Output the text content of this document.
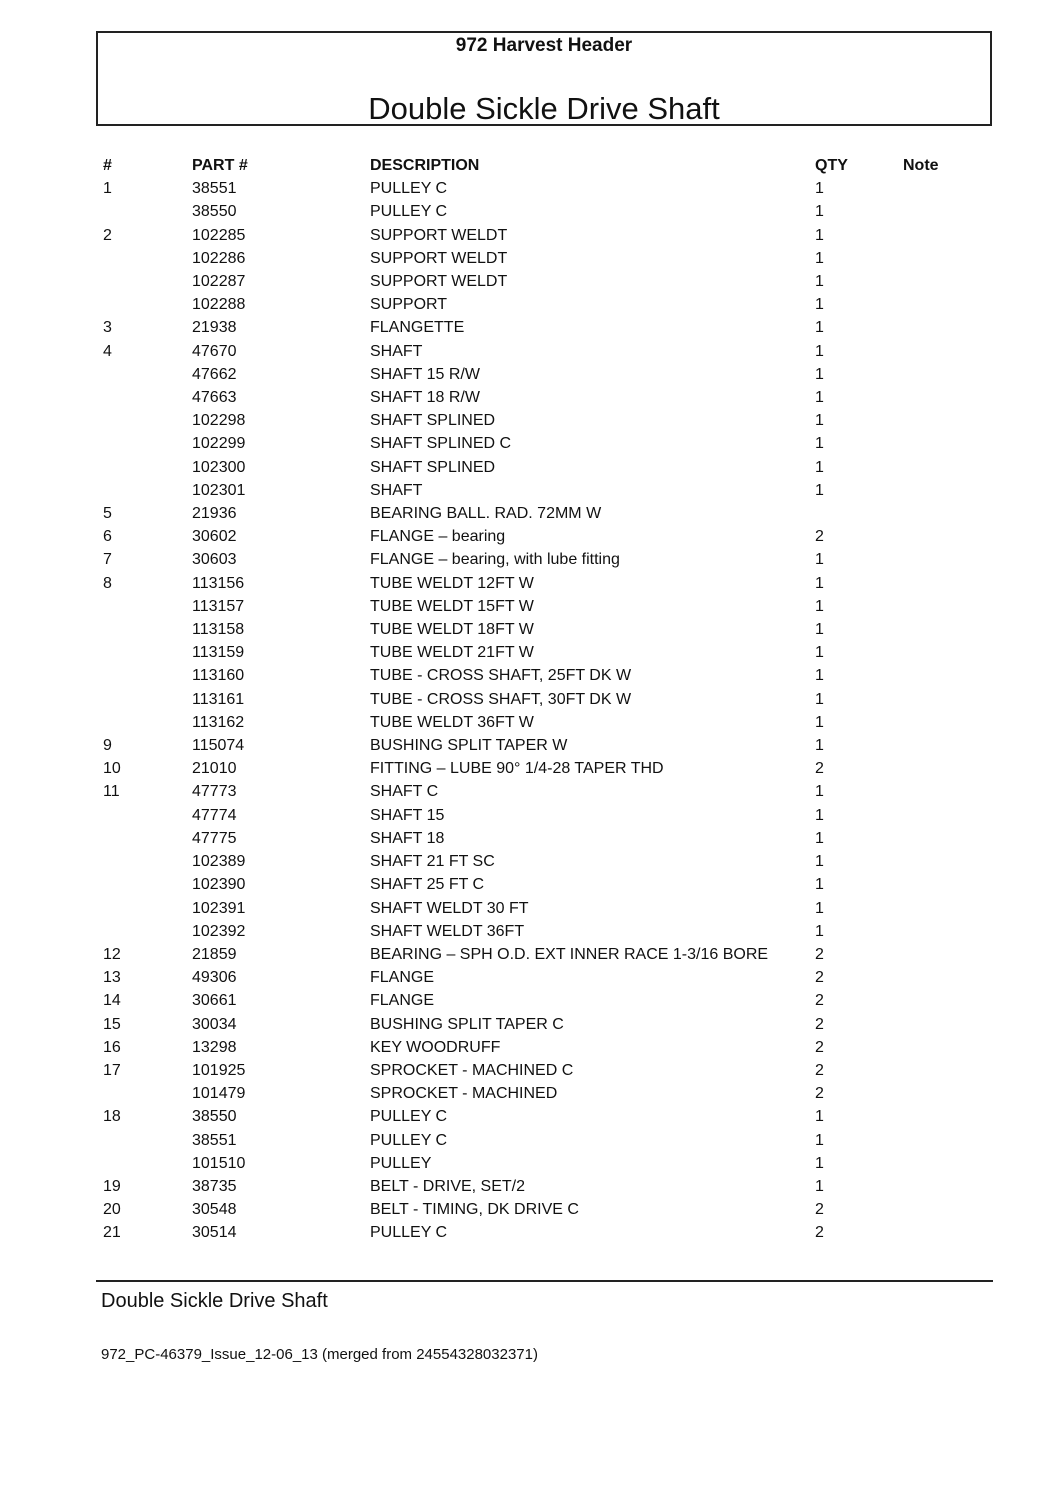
972 Harvest Header
Double Sickle Drive Shaft
#	PART #	DESCRIPTION	QTY	Note
1	38551	PULLEY C	1	
	38550	PULLEY C	1	
2	102285	SUPPORT WELDT	1	
	102286	SUPPORT WELDT	1	
	102287	SUPPORT WELDT	1	
	102288	SUPPORT	1	
3	21938	FLANGETTE	1	
4	47670	SHAFT	1	
	47662	SHAFT 15 R/W	1	
	47663	SHAFT 18 R/W	1	
	102298	SHAFT SPLINED	1	
	102299	SHAFT SPLINED C	1	
	102300	SHAFT SPLINED	1	
	102301	SHAFT	1	
5	21936	BEARING BALL. RAD. 72MM W		
6	30602	FLANGE – bearing	2	
7	30603	FLANGE – bearing, with lube fitting	1	
8	113156	TUBE WELDT 12FT W	1	
	113157	TUBE WELDT 15FT W	1	
	113158	TUBE WELDT 18FT W	1	
	113159	TUBE WELDT 21FT W	1	
	113160	TUBE - CROSS SHAFT, 25FT DK W	1	
	113161	TUBE - CROSS SHAFT, 30FT DK W	1	
	113162	TUBE WELDT 36FT W	1	
9	115074	BUSHING SPLIT TAPER W	1	
10	21010	FITTING – LUBE 90° 1/4-28 TAPER THD	2	
11	47773	SHAFT C	1	
	47774	SHAFT 15	1	
	47775	SHAFT 18	1	
	102389	SHAFT 21 FT SC	1	
	102390	SHAFT 25 FT C	1	
	102391	SHAFT WELDT 30 FT	1	
	102392	SHAFT WELDT 36FT	1	
12	21859	BEARING – SPH O.D. EXT INNER RACE 1-3/16 BORE	2	
13	49306	FLANGE	2	
14	30661	FLANGE	2	
15	30034	BUSHING SPLIT TAPER C	2	
16	13298	KEY WOODRUFF	2	
17	101925	SPROCKET - MACHINED C	2	
	101479	SPROCKET - MACHINED	2	
18	38550	PULLEY C	1	
	38551	PULLEY C	1	
	101510	PULLEY	1	
19	38735	BELT - DRIVE, SET/2	1	
20	30548	BELT - TIMING, DK DRIVE C	2	
21	30514	PULLEY C	2	
Double Sickle Drive Shaft
972_PC-46379_Issue_12-06_13 (merged from 24554328032371)
